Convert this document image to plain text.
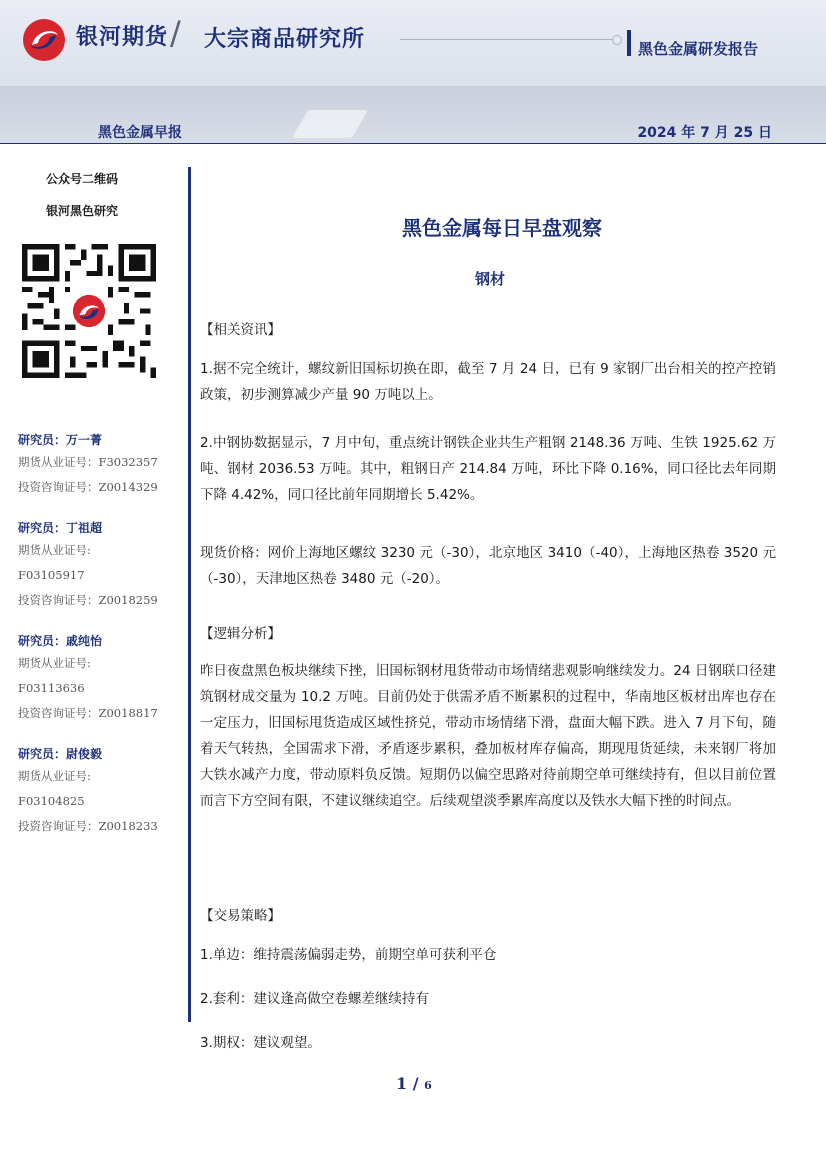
银河期货 / 大宗商品研究所	黑色金属研发报告
黑色金属早报	2024 年 7 月 25 日
公众号二维码
银河黑色研究
研究员：万一菁
期货从业证号：F3032357
投资咨询证号：Z0014329
研究员：丁祖超
期货从业证号:
F03105917
投资咨询证号：Z0018259
研究员：戚纯怡
期货从业证号:
F03113636
投资咨询证号：Z0018817
研究员：尉俊毅
期货从业证号:
F03104825
投资咨询证号：Z0018233
黑色金属每日早盘观察
钢材
【相关资讯】
1.据不完全统计，螺纹新旧国标切换在即，截至 7 月 24 日，已有 9 家钢厂出台相关的控产控销政策，初步测算减少产量 90 万吨以上。
2.中钢协数据显示，7 月中旬，重点统计钢铁企业共生产粗钢 2148.36 万吨、生铁 1925.62 万吨、钢材 2036.53 万吨。其中，粗钢日产 214.84 万吨，环比下降 0.16%，同口径比去年同期下降 4.42%，同口径比前年同期增长 5.42%。
现货价格：网价上海地区螺纹 3230 元（-30），北京地区 3410（-40），上海地区热卷 3520 元（-30），天津地区热卷 3480 元（-20）。
【逻辑分析】
昨日夜盘黑色板块继续下挫，旧国标钢材甩货带动市场情绪悲观影响继续发力。24 日钢联口径建筑钢材成交量为 10.2 万吨。目前仍处于供需矛盾不断累积的过程中，华南地区板材出库也存在一定压力，旧国标甩货造成区域性挤兑，带动市场情绪下滑，盘面大幅下跌。进入 7 月下旬，随着天气转热，全国需求下滑，矛盾逐步累积，叠加板材库存偏高，期现甩货延续，未来钢厂将加大铁水减产力度，带动原料负反馈。短期仍以偏空思路对待前期空单可继续持有，但以目前位置而言下方空间有限，不建议继续追空。后续观望淡季累库高度以及铁水大幅下挫的时间点。
【交易策略】
1.单边：维持震荡偏弱走势，前期空单可获利平仓
2.套利：建议逢高做空卷螺差继续持有
3.期权：建议观望。
1 / 6
